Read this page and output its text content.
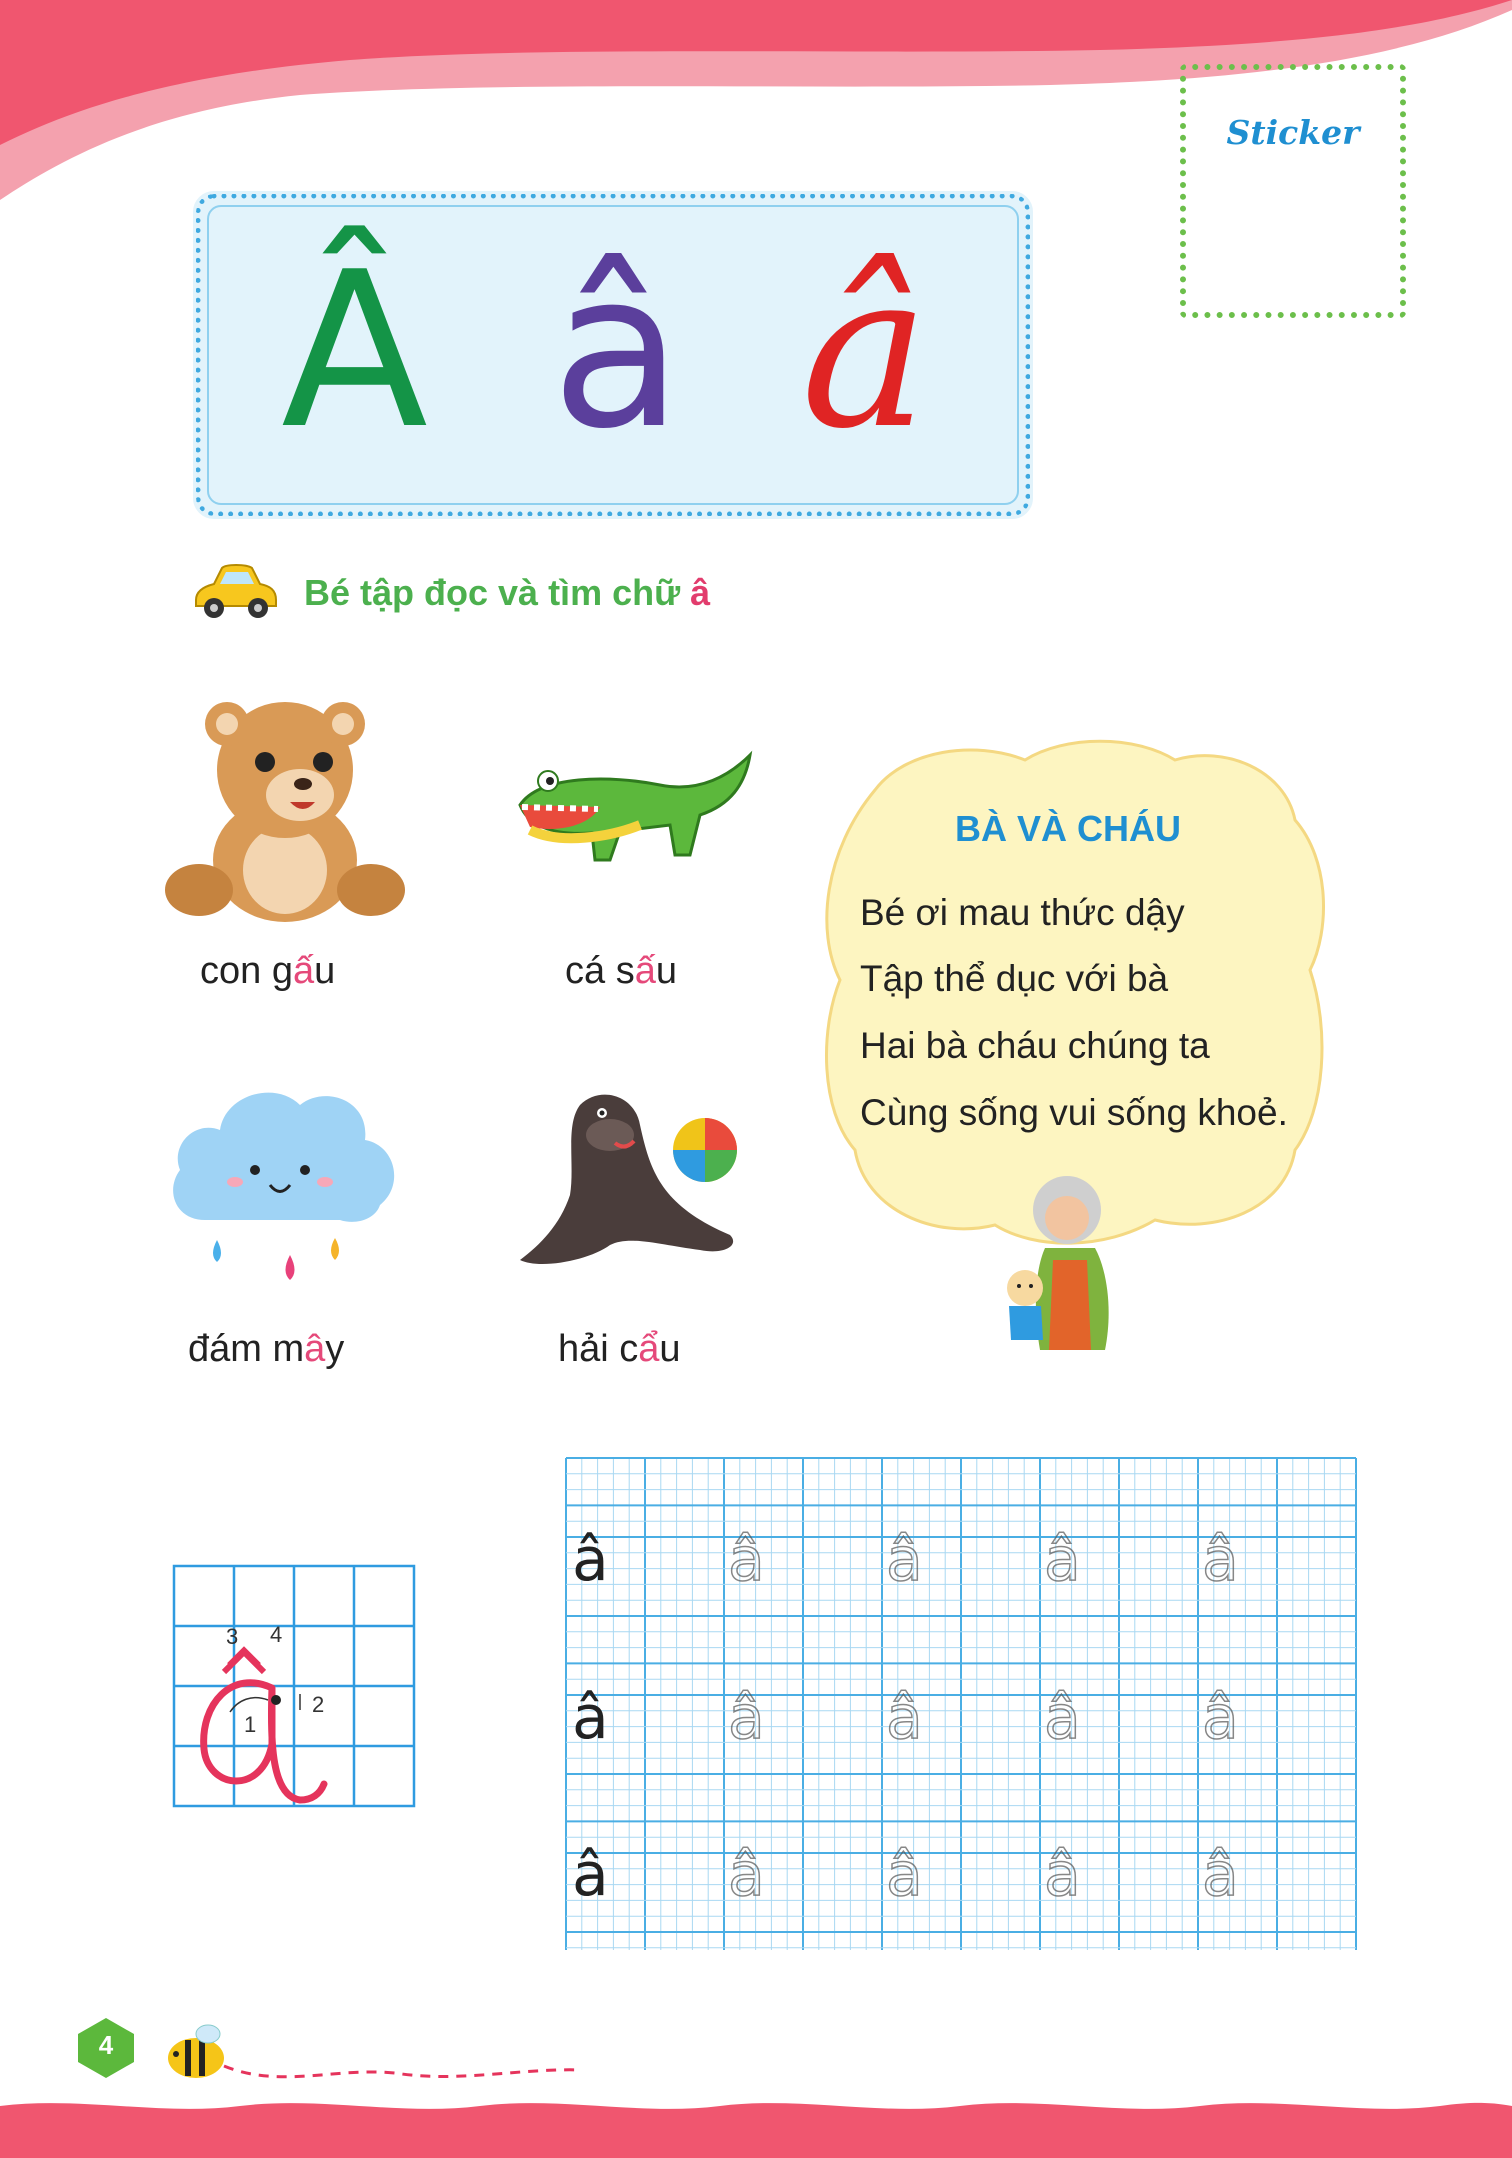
Sticker
Â â â
Bé tập đọc và tìm chữ â
con gấu	cá sấu
đám mây	hải cẩu
BÀ VÀ CHÁU
Bé ơi mau thức dậy
Tập thể dục với bà
Hai bà cháu chúng ta
Cùng sống vui sống khoẻ.
3 4
1
2
â â â â â
â â â â â
â â â â â
4
